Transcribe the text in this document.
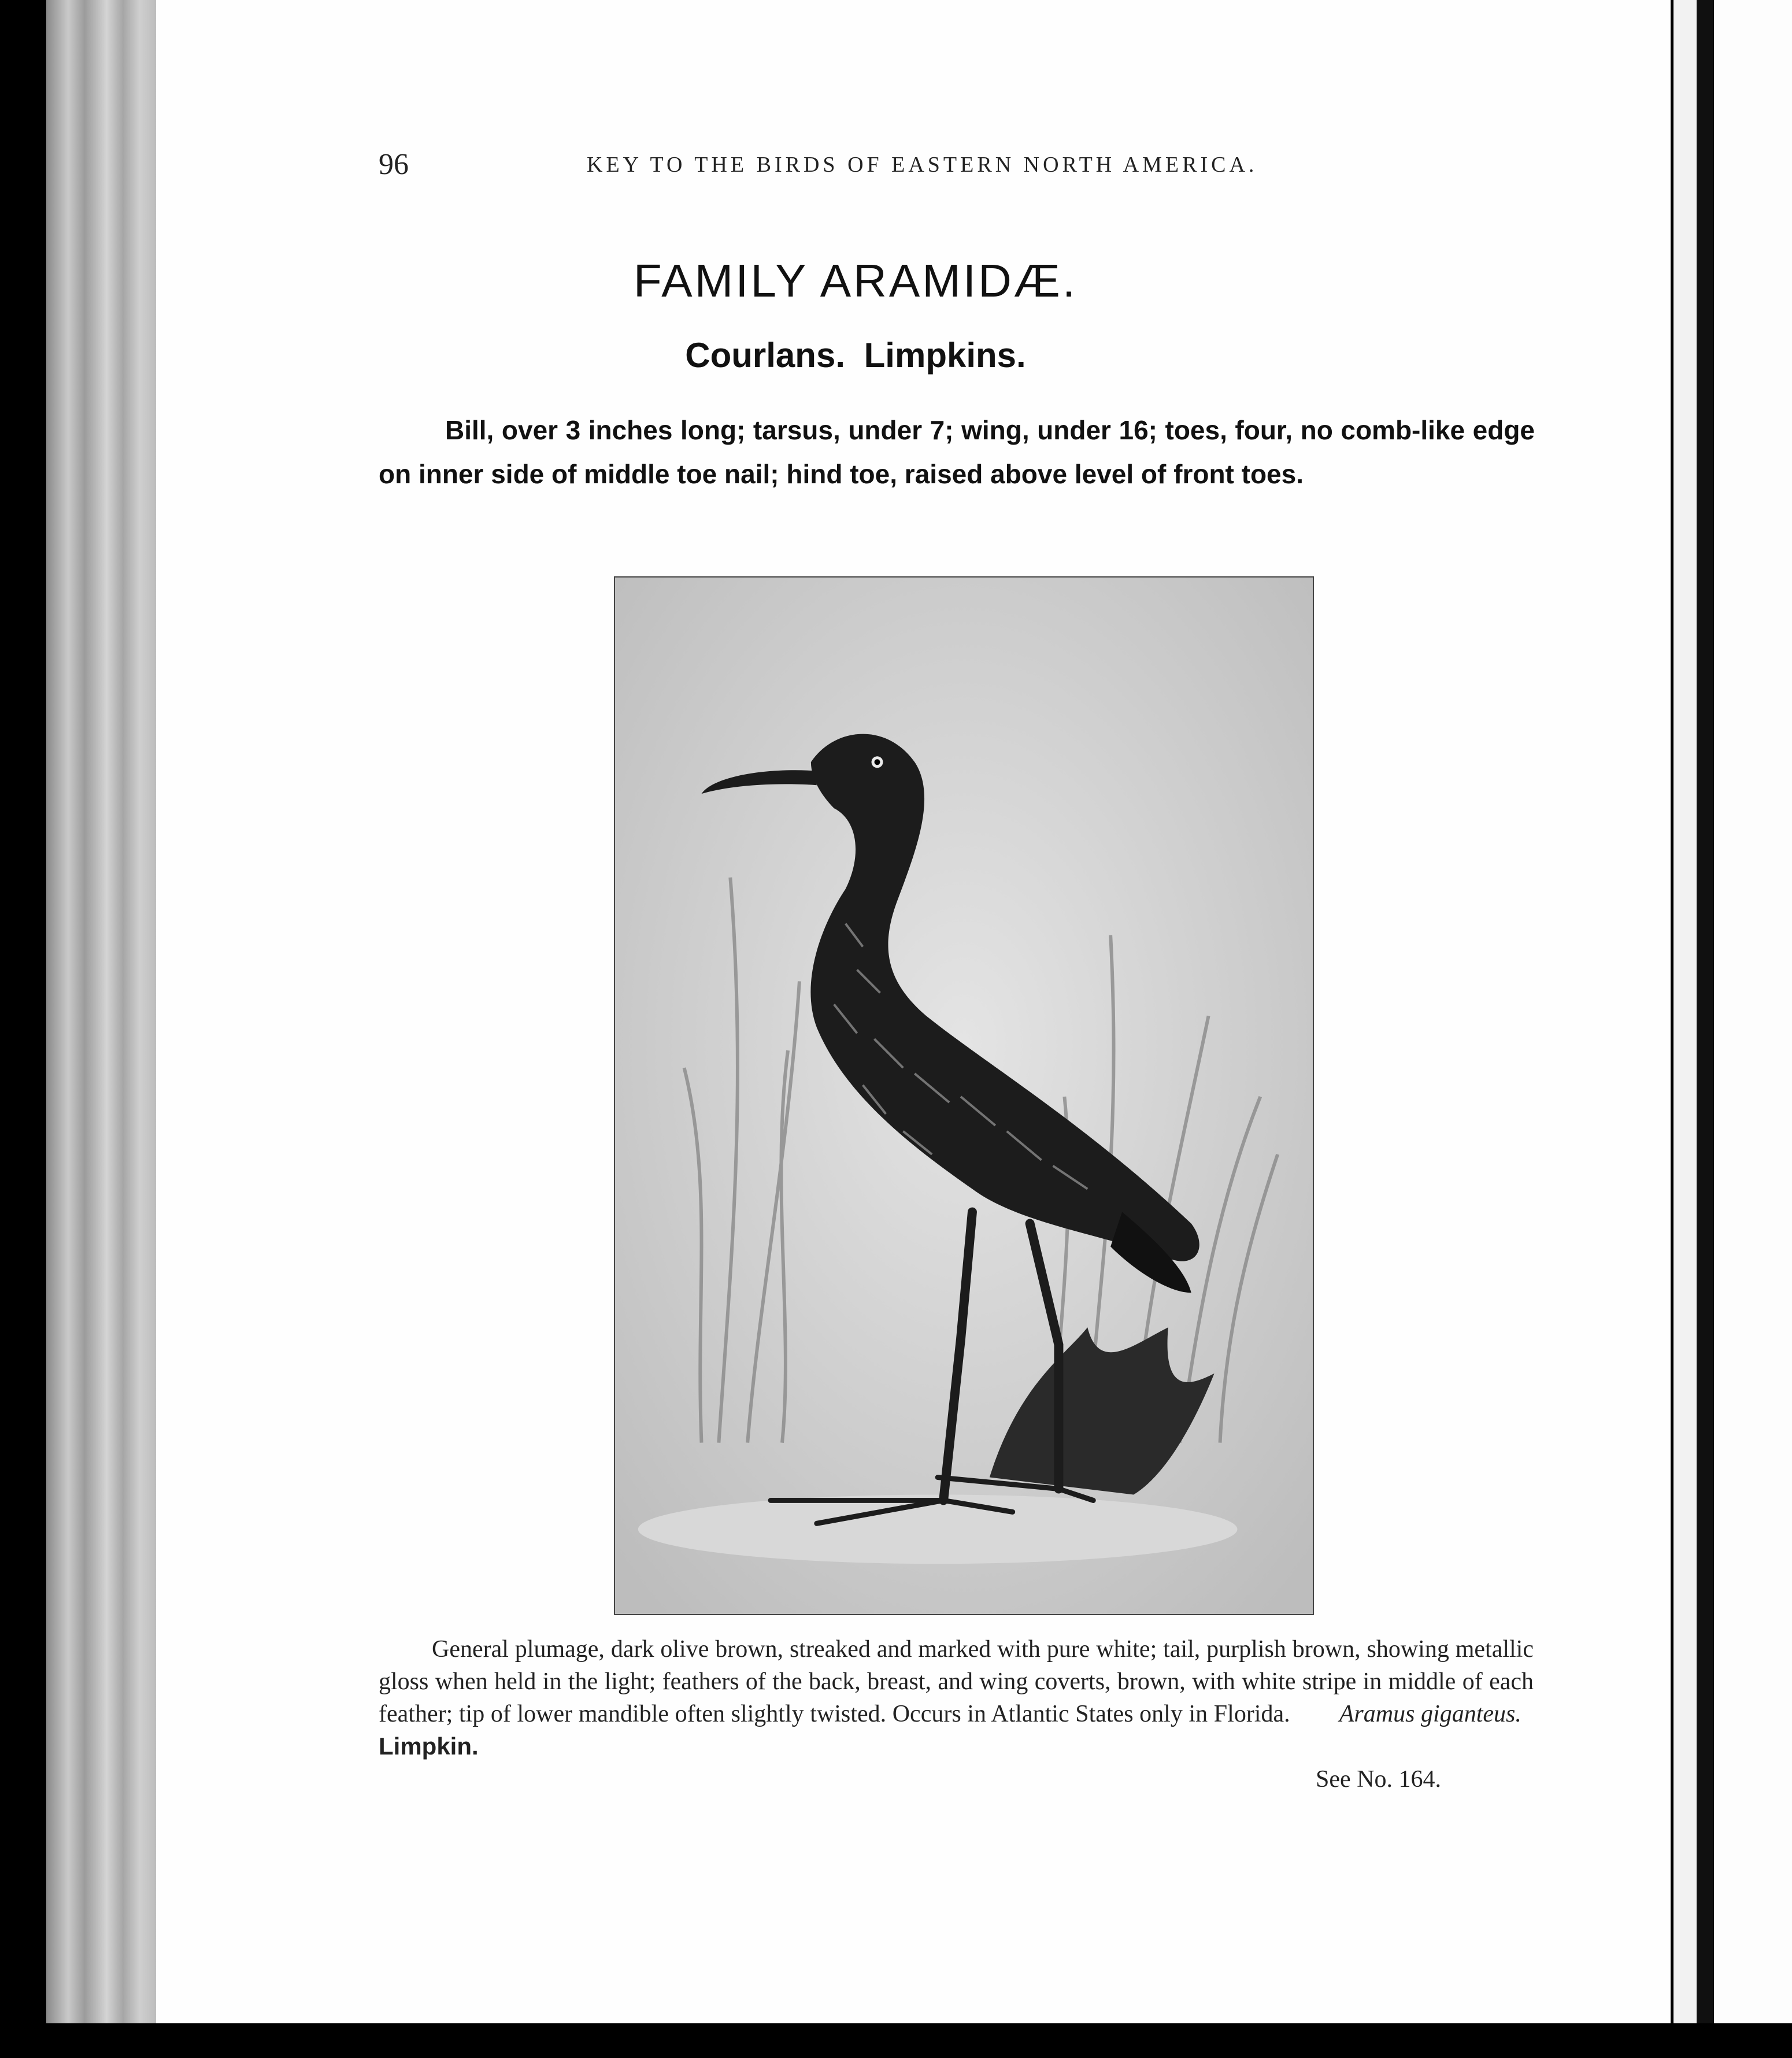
96	KEY TO THE BIRDS OF EASTERN NORTH AMERICA.
FAMILY ARAMIDÆ.
Courlans. Limpkins.
Bill, over 3 inches long; tarsus, under 7; wing, under 16; toes, four, no comb-like edge on inner side of middle toe nail; hind toe, raised above level of front toes.
General plumage, dark olive brown, streaked and marked with pure white; tail, purplish brown, showing metallic gloss when held in the light; feathers of the back, breast, and wing coverts, brown, with white stripe in middle of each feather; tip of lower mandible often slightly twisted. Occurs in Atlantic States only in Florida. Aramus giganteus.   Limpkin.
See No. 164.
